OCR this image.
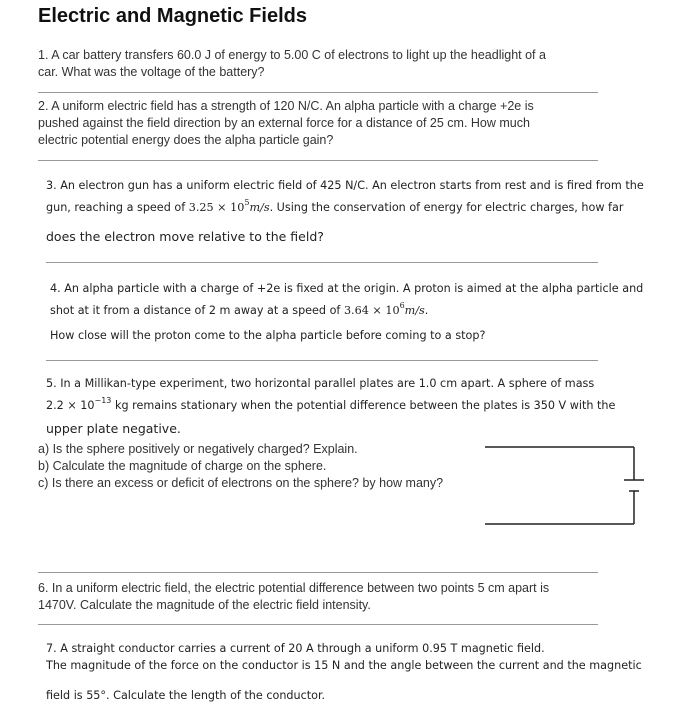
Electric and Magnetic Fields
1. A car battery transfers 60.0 J of energy to 5.00 C of electrons to light up the headlight of a
car. What was the voltage of the battery?
2. A uniform electric field has a strength of 120 N/C. An alpha particle with a charge +2e is
pushed against the field direction by an external force for a distance of 25 cm. How much
electric potential energy does the alpha particle gain?
3. An electron gun has a uniform electric field of 425 N/C. An electron starts from rest and is fired from the
gun, reaching a speed of $3.25 \times 10^5m/s$. Using the conservation of energy for electric charges, how far
does the electron move relative to the field?
4. An alpha particle with a charge of +2e is fixed at the origin. A proton is aimed at the alpha particle and
shot at it from a distance of 2 m away at a speed of $3.64 \times 10^6m/s$.
How close will the proton come to the alpha particle before coming to a stop?
5. In a Millikan-type experiment, two horizontal parallel plates are 1.0 cm apart. A sphere of mass
$2.2 \times 10^{-13}$ kg remains stationary when the potential difference between the plates is 350 V with the
upper plate negative.
a) Is the sphere positively or negatively charged? Explain.
b) Calculate the magnitude of charge on the sphere.
c) Is there an excess or deficit of electrons on the sphere? by how many?
6. In a uniform electric field, the electric potential difference between two points 5 cm apart is
1470V. Calculate the magnitude of the electric field intensity.
7. A straight conductor carries a current of 20 A through a uniform 0.95 T magnetic field.
The magnitude of the force on the conductor is 15 N and the angle between the current and the magnetic
field is 55°. Calculate the length of the conductor.
